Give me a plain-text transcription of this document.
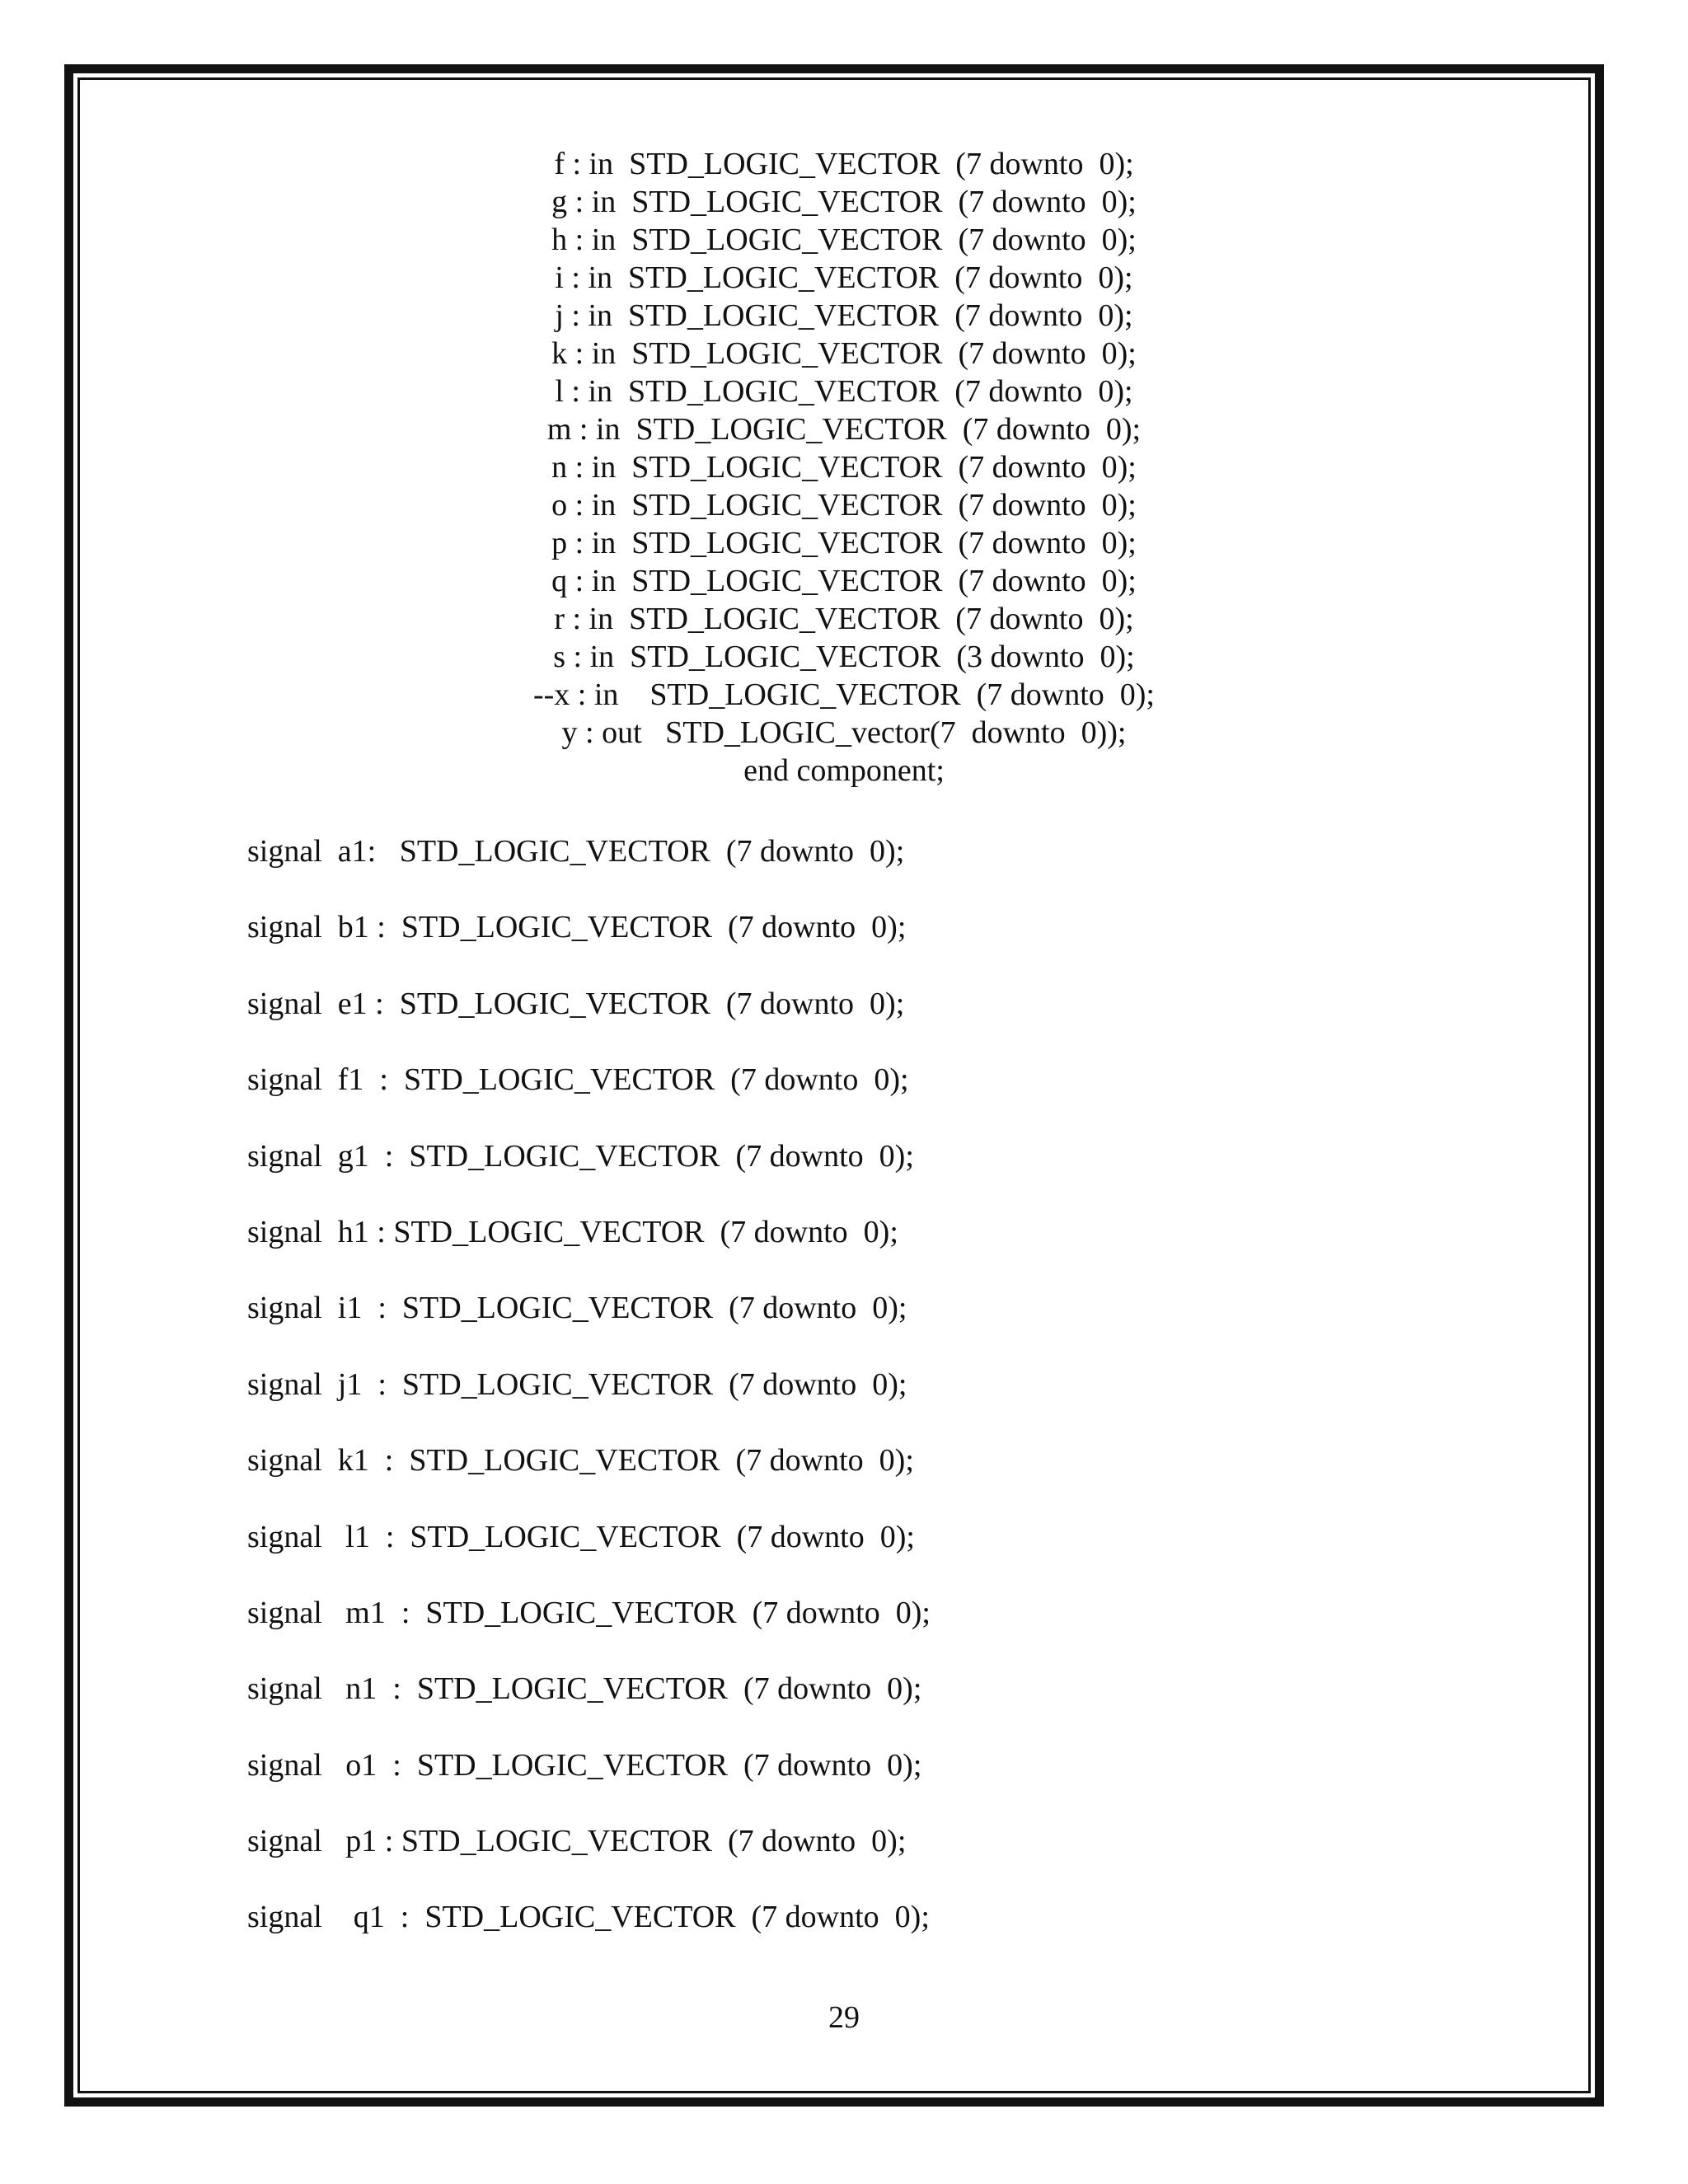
f : in  STD_LOGIC_VECTOR  (7 downto  0);
g : in  STD_LOGIC_VECTOR  (7 downto  0);
h : in  STD_LOGIC_VECTOR  (7 downto  0);
i : in  STD_LOGIC_VECTOR  (7 downto  0);
j : in  STD_LOGIC_VECTOR  (7 downto  0);
k : in  STD_LOGIC_VECTOR  (7 downto  0);
l : in  STD_LOGIC_VECTOR  (7 downto  0);
m : in  STD_LOGIC_VECTOR  (7 downto  0);
n : in  STD_LOGIC_VECTOR  (7 downto  0);
o : in  STD_LOGIC_VECTOR  (7 downto  0);
p : in  STD_LOGIC_VECTOR  (7 downto  0);
q : in  STD_LOGIC_VECTOR  (7 downto  0);
r : in  STD_LOGIC_VECTOR  (7 downto  0);
s : in  STD_LOGIC_VECTOR  (3 downto  0);
--x : in    STD_LOGIC_VECTOR  (7 downto  0);
y : out   STD_LOGIC_vector(7  downto  0));
end component;
signal  a1:   STD_LOGIC_VECTOR  (7 downto  0);
signal  b1 :  STD_LOGIC_VECTOR  (7 downto  0);
signal  e1 :  STD_LOGIC_VECTOR  (7 downto  0);
signal  f1  :  STD_LOGIC_VECTOR  (7 downto  0);
signal  g1  :  STD_LOGIC_VECTOR  (7 downto  0);
signal  h1 : STD_LOGIC_VECTOR  (7 downto  0);
signal  i1  :  STD_LOGIC_VECTOR  (7 downto  0);
signal  j1  :  STD_LOGIC_VECTOR  (7 downto  0);
signal  k1  :  STD_LOGIC_VECTOR  (7 downto  0);
signal   l1  :  STD_LOGIC_VECTOR  (7 downto  0);
signal   m1  :  STD_LOGIC_VECTOR  (7 downto  0);
signal   n1  :  STD_LOGIC_VECTOR  (7 downto  0);
signal   o1  :  STD_LOGIC_VECTOR  (7 downto  0);
signal   p1 : STD_LOGIC_VECTOR  (7 downto  0);
signal    q1  :  STD_LOGIC_VECTOR  (7 downto  0);
29
